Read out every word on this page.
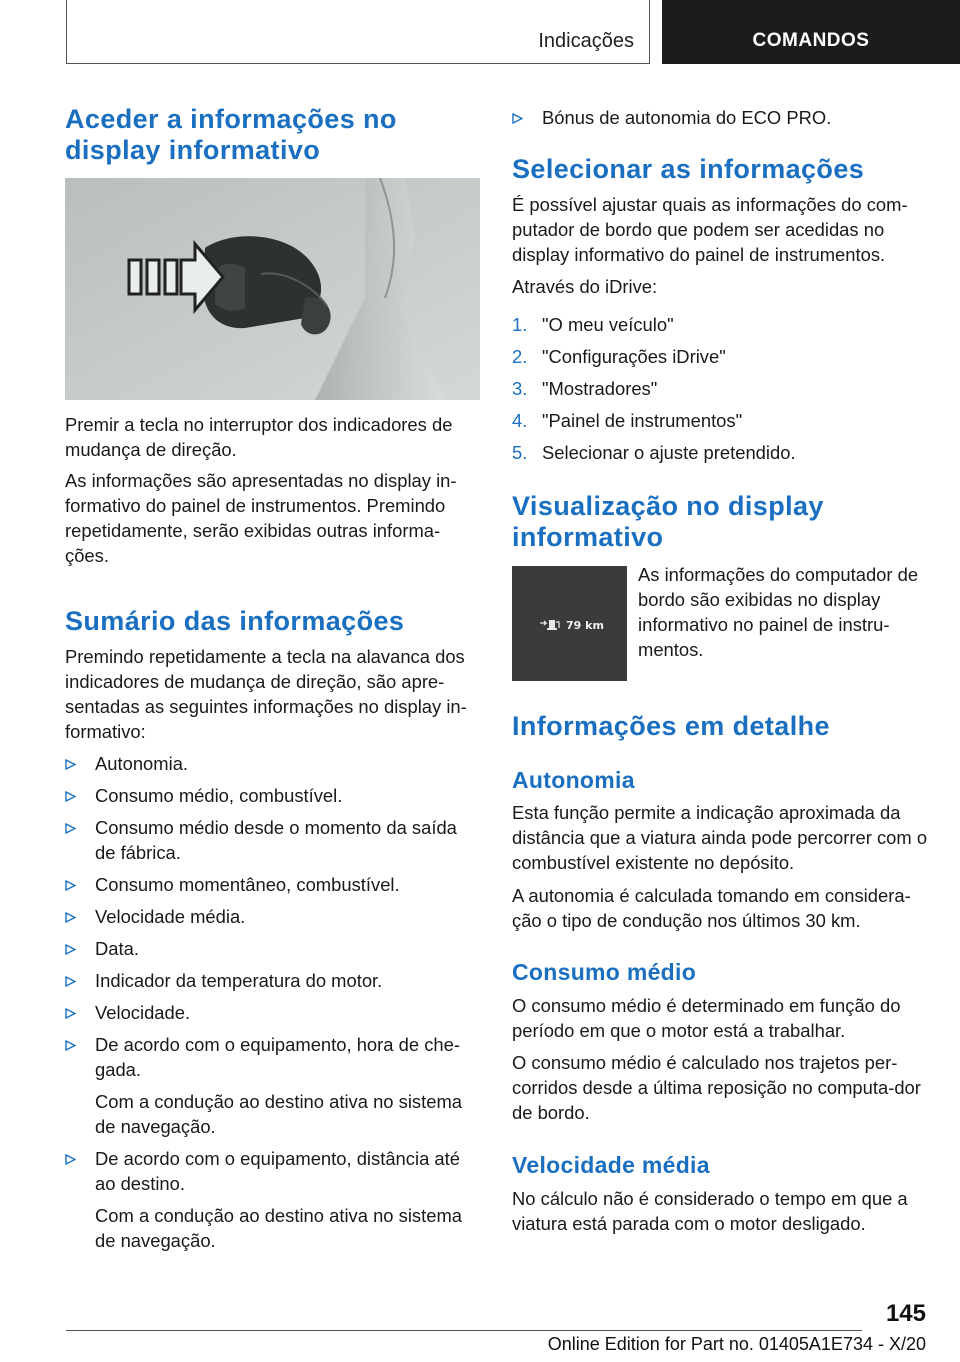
Indicações	COMANDOS
Aceder a informações no display informativo

Premir a tecla no interruptor dos indicadores de mudança de direção.

As informações são apresentadas no display in-formativo do painel de instrumentos. Premindo repetidamente, serão exibidas outras informa-ções.

Sumário das informações

Premindo repetidamente a tecla na alavanca dos indicadores de mudança de direção, são apre-sentadas as seguintes informações no display in-formativo:

Autonomia.
Consumo médio, combustível.
Consumo médio desde o momento da saída de fábrica.
Consumo momentâneo, combustível.
Velocidade média.
Data.
Indicador da temperatura do motor.
Velocidade.
De acordo com o equipamento, hora de che-gada.
Com a condução ao destino ativa no sistema de navegação.
De acordo com o equipamento, distância até ao destino.
Com a condução ao destino ativa no sistema de navegação.
Bónus de autonomia do ECO PRO.
Selecionar as informações

É possível ajustar quais as informações do com-putador de bordo que podem ser acedidas no display informativo do painel de instrumentos.

Através do iDrive:

1. "O meu veículo"
2. "Configurações iDrive"
3. "Mostradores"
4. "Painel de instrumentos"
5. Selecionar o ajuste pretendido.
Visualização no display informativo
79 km

As informações do computador de bordo são exibidas no display informativo no painel de instru-mentos.

Informações em detalhe
Autonomia

Esta função permite a indicação aproximada da distância que a viatura ainda pode percorrer com o combustível existente no depósito.

A autonomia é calculada tomando em considera-ção o tipo de condução nos últimos 30 km.

Consumo médio

O consumo médio é determinado em função do período em que o motor está a trabalhar.

O consumo médio é calculado nos trajetos per-corridos desde a última reposição no computa-dor de bordo.

Velocidade média

No cálculo não é considerado o tempo em que a viatura está parada com o motor desligado.

145
Online Edition for Part no. 01405A1E734 - X/20
